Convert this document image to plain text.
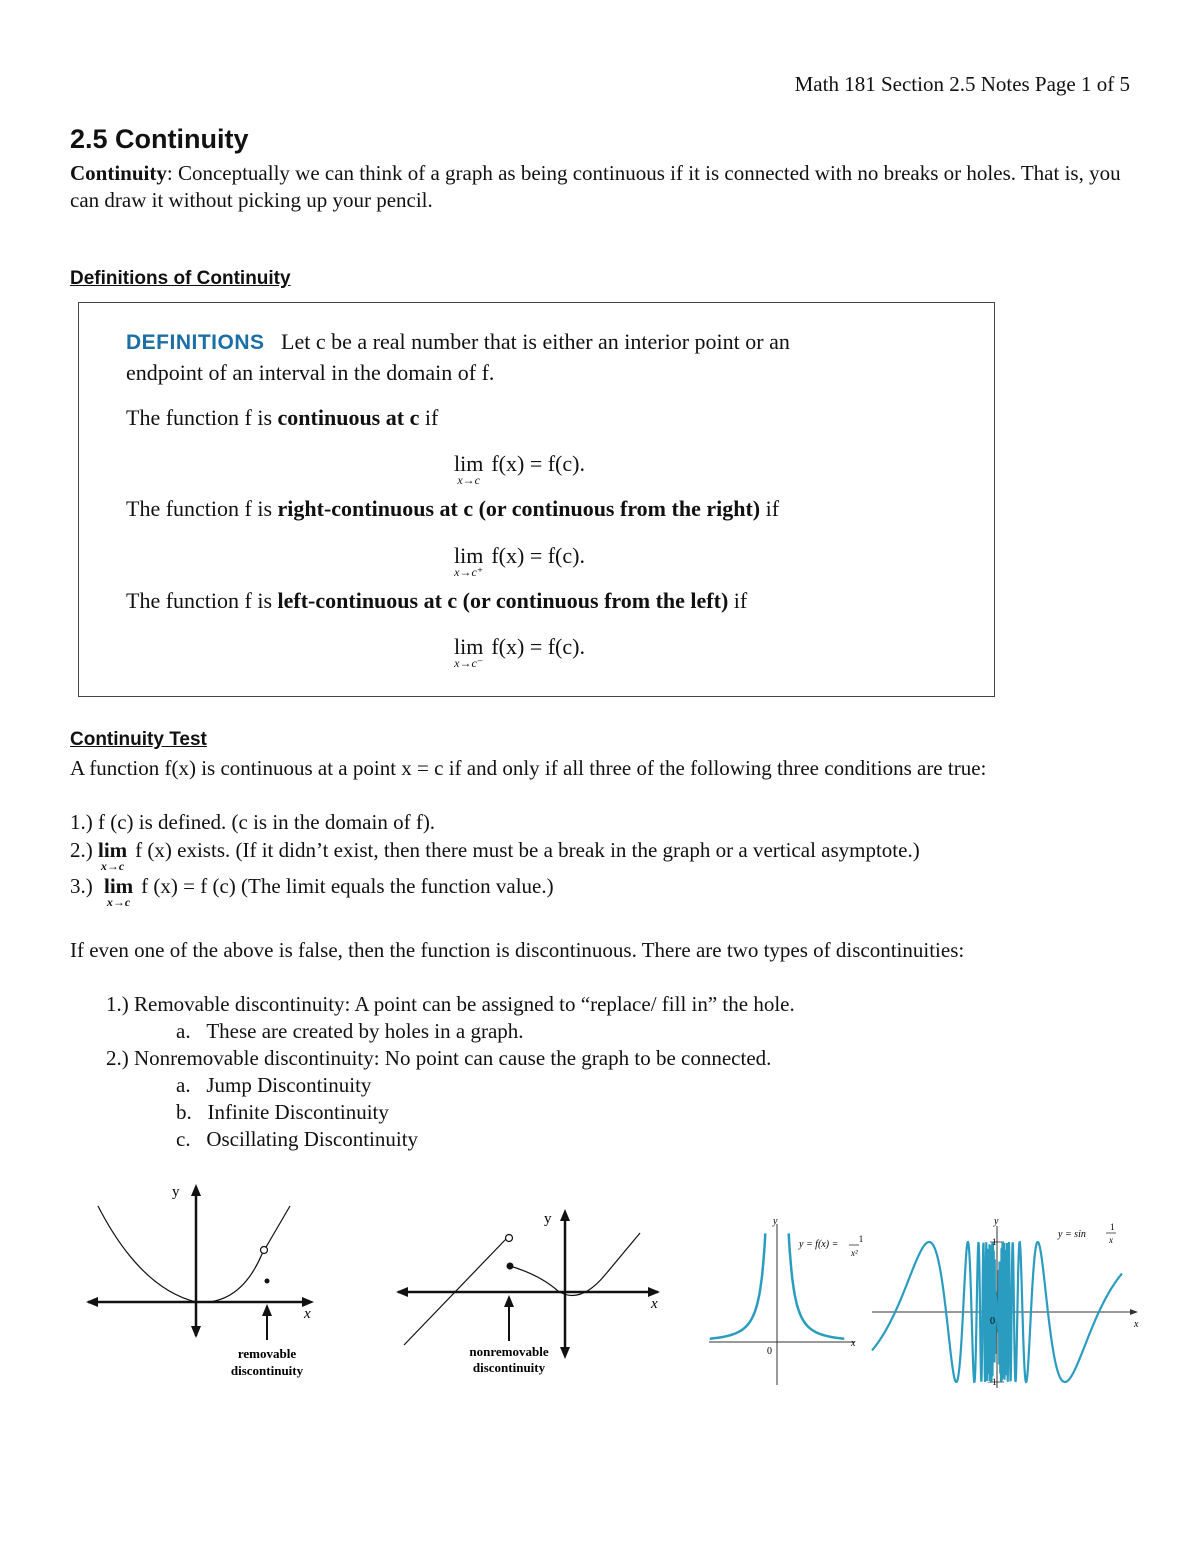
Math 181 Section 2.5 Notes Page 1 of 5
2.5 Continuity
Continuity: Conceptually we can think of a graph as being continuous if it is connected with no breaks or holes. That is, you can draw it without picking up your pencil.
Definitions of Continuity
DEFINITIONS Let c be a real number that is either an interior point or an
endpoint of an interval in the domain of f.
The function f is continuous at c if
lim
x→c
f(x) = f(c).
The function f is right-continuous at c (or continuous from the right) if
lim
x→c⁺
f(x) = f(c).
The function f is left-continuous at c (or continuous from the left) if
lim
x→c⁻
f(x) = f(c).
Continuity Test
A function f(x) is continuous at a point x = c if and only if all three of the following three conditions are true:
1.) f (c) is defined. (c is in the domain of f).
2.) lim
x→c
f (x) exists. (If it didn’t exist, then there must be a break in the graph or a vertical asymptote.)
3.) lim
x→c
f (x) = f (c) (The limit equals the function value.)
If even one of the above is false, then the function is discontinuous. There are two types of discontinuities:
1.) Removable discontinuity: A point can be assigned to “replace/ fill in” the hole.
a. These are created by holes in a graph.
2.) Nonremovable discontinuity: No point can cause the graph to be connected.
a. Jump Discontinuity
b. Infinite Discontinuity
c. Oscillating Discontinuity
y
x
removable
discontinuity
y
x
nonremovable
discontinuity
y
x
0
y = f(x) = 1
x²
y
x
0
1
−1
y = sin
1
x
